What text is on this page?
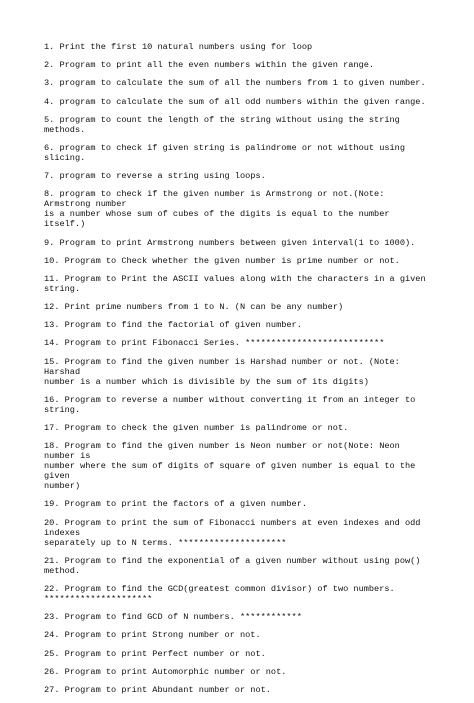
1. Print the first 10 natural numbers using for loop
2. Program to print all the even numbers within the given range.
3. program to calculate the sum of all the numbers from 1 to given number.
4. program to calculate the sum of all odd numbers within the given range.
5. program to count the length of the string without using the string methods.
6. program to check if given string is palindrome or not without using slicing.
7. program to reverse a string using loops.
8. program to check if the given number is Armstrong or not.(Note: Armstrong number
is a number whose sum of cubes of the digits is equal to the number itself.)
9. Program to print Armstrong numbers between given interval(1 to 1000).
10. Program to Check whether the given number is prime number or not.
11. Program to Print the ASCII values along with the characters in a given string.
12. Print prime numbers from 1 to N. (N can be any number)
13. Program to find the factorial of given number.
14. Program to print Fibonacci Series. ***************************
15. Program to find the given number is Harshad number or not. (Note: Harshad
number is a number which is divisible by the sum of its digits)
16. Program to reverse a number without converting it from an integer to string.
17. Program to check the given number is palindrome or not.
18. Program to find the given number is Neon number or not(Note: Neon number is
number where the sum of digits of square of given number is equal to the given
number)
19. Program to print the factors of a given number.
20. Program to print the sum of Fibonacci numbers at even indexes and odd indexes
separately up to N terms. *********************
21. Program to find the exponential of a given number without using pow() method.
22. Program to find the GCD(greatest common divisor) of two numbers.
*********************
23. Program to find GCD of N numbers. ************
24. Program to print Strong number or not.
25. Program to print Perfect number or not.
26. Program to print Automorphic number or not.
27. Program to print Abundant number or not.
